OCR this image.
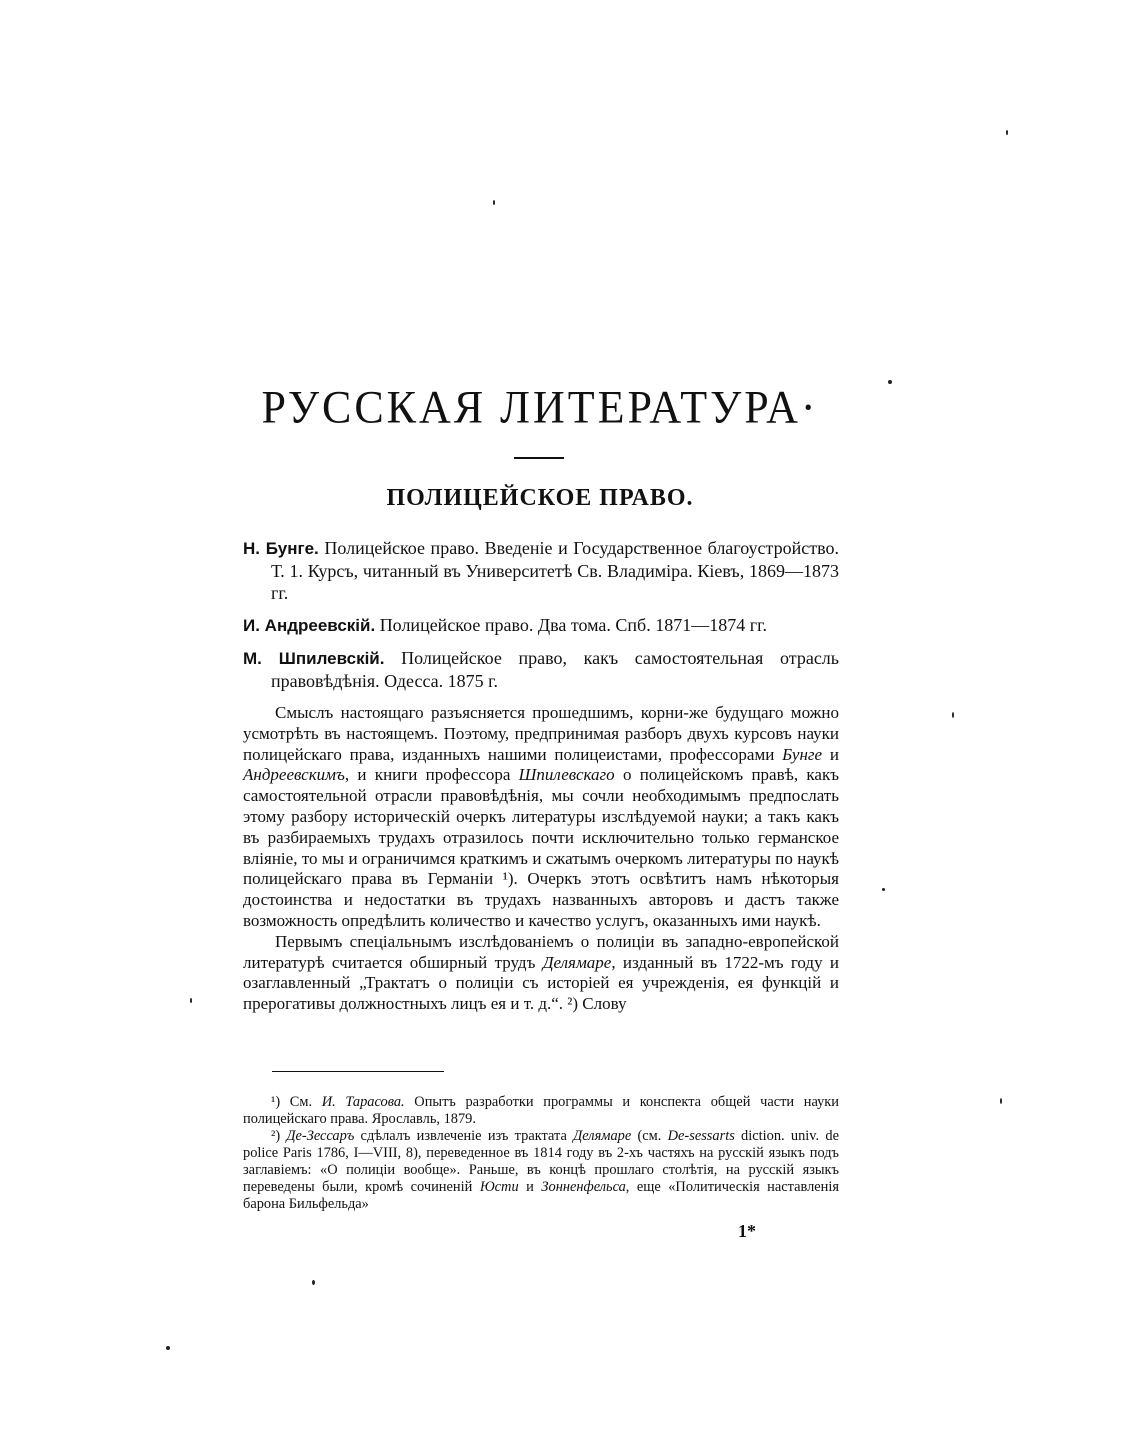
РУССКАЯ ЛИТЕРАТУРА·
ПОЛИЦЕЙСКОЕ ПРАВО.

Н. Бунге. Полицейское право. Введеніе и Государственное благоустройство. Т. 1. Курсъ, читанный въ Университетѣ Св. Владиміра. Кіевъ, 1869—1873 гг.

И. Андреевскій. Полицейское право. Два тома. Спб. 1871—1874 гг.

М. Шпилевскій. Полицейское право, какъ самостоятельная отрасль правовѣдѣнія. Одесса. 1875 г.

Смыслъ настоящаго разъясняется прошедшимъ, корни-же будущаго можно усмотрѣть въ настоящемъ. Поэтому, предпринимая разборъ двухъ курсовъ науки полицейскаго права, изданныхъ нашими полицеистами, профессорами Бунге и Андреевскимъ, и книги профессора Шпилевскаго о полицейскомъ правѣ, какъ самостоятельной отрасли правовѣдѣнія, мы сочли необходимымъ предпослать этому разбору историческій очеркъ литературы изслѣдуемой науки; а такъ какъ въ разбираемыхъ трудахъ отразилось почти исключительно только германское вліяніе, то мы и ограничимся краткимъ и сжатымъ очеркомъ литературы по наукѣ полицейскаго права въ Германіи ¹). Очеркъ этотъ освѣтитъ намъ нѣкоторыя достоинства и недостатки въ трудахъ названныхъ авторовъ и дастъ также возможность опредѣлить количество и качество услугъ, оказанныхъ ими наукѣ.

Первымъ спеціальнымъ изслѣдованіемъ о полиціи въ западно-европейской литературѣ считается обширный трудъ Делямаре, изданный въ 1722-мъ году и озаглавленный „Трактатъ о полиціи съ исторіей ея учрежденія, ея функцій и прерогативы должностныхъ лицъ ея и т. д.“. ²) Слову

¹) См. И. Тарасова. Опытъ разработки программы и конспекта общей части науки полицейскаго права. Ярославль, 1879.

²) Де-Зессаръ сдѣлалъ извлеченіе изъ трактата Делямаре (см. De-sessarts diction. univ. de police Paris 1786, I—VIII, 8), переведенное въ 1814 году въ 2-хъ частяхъ на русскій языкъ подъ заглавіемъ: «О полиціи вообще». Раньше, въ концѣ прошлаго столѣтія, на русскій языкъ переведены были, кромѣ сочиненій Юсти и Зонненфельса, еще «Политическія наставленія барона Бильфельда»

1*
